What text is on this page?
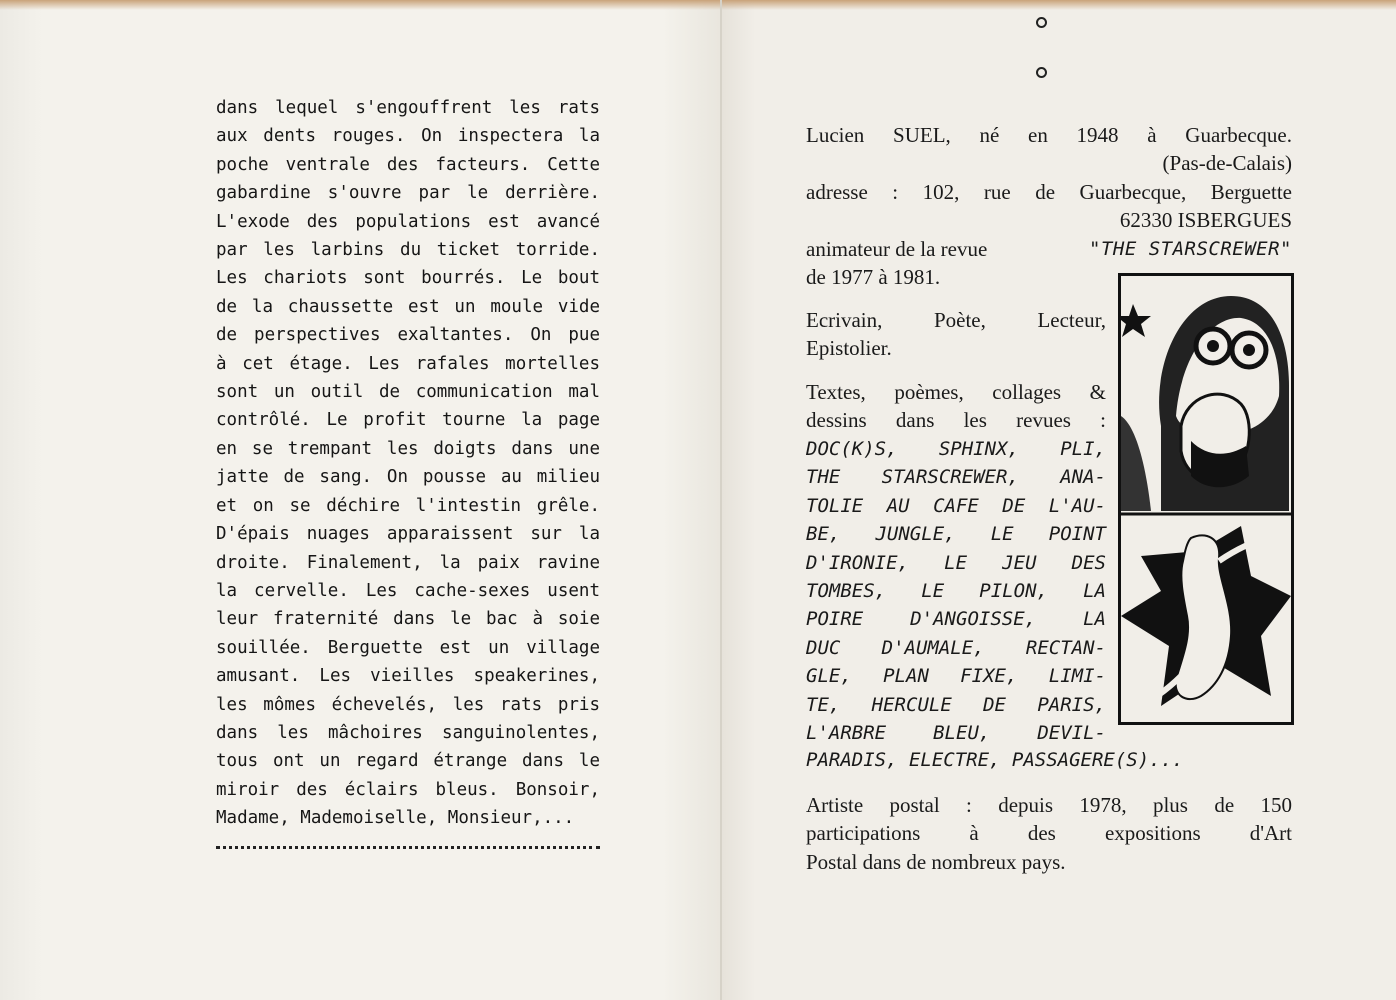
dans lequel s'engouffrent les rats
aux dents rouges. On inspectera la
poche ventrale des facteurs. Cette
gabardine s'ouvre par le derrière.
L'exode des populations est avancé
par les larbins du ticket torride.
Les chariots sont bourrés. Le bout
de la chaussette est un moule vide
de perspectives exaltantes. On pue
à cet étage. Les rafales mortelles
sont un outil de communication mal
contrôlé. Le profit tourne la page
en se trempant les doigts dans une
jatte de sang. On pousse au milieu
et on se déchire l'intestin grêle.
D'épais nuages apparaissent sur la
droite. Finalement, la paix ravine
la cervelle. Les cache-sexes usent
leur fraternité dans le bac à soie
souillée. Berguette est un village
amusant. Les vieilles speakerines,
les mômes échevelés, les rats pris
dans les mâchoires sanguinolentes,
tous ont un regard étrange dans le
miroir des éclairs bleus. Bonsoir,
Madame, Mademoiselle, Monsieur,...
Lucien SUEL, né en 1948 à Guarbecque.
(Pas-de-Calais)
adresse : 102, rue de Guarbecque, Berguette
62330 ISBERGUES
animateur de la revue	"THE STARSCREWER"
de 1977 à 1981.
Ecrivain, Poète, Lecteur,
Epistolier.
Textes, poèmes, collages &
dessins dans les revues :
DOC(K)S, SPHINX, PLI,
THE STARSCREWER, ANA-
TOLIE AU CAFE DE L'AU-
BE, JUNGLE, LE POINT
D'IRONIE, LE JEU DES
TOMBES, LE PILON, LA
POIRE D'ANGOISSE, LA
DUC D'AUMALE, RECTAN-
GLE, PLAN FIXE, LIMI-
TE, HERCULE DE PARIS,
L'ARBRE BLEU, DEVIL-
PARADIS, ELECTRE, PASSAGERE(S)...
Artiste postal : depuis 1978, plus de 150
participations à des expositions d'Art
Postal dans de nombreux pays.
